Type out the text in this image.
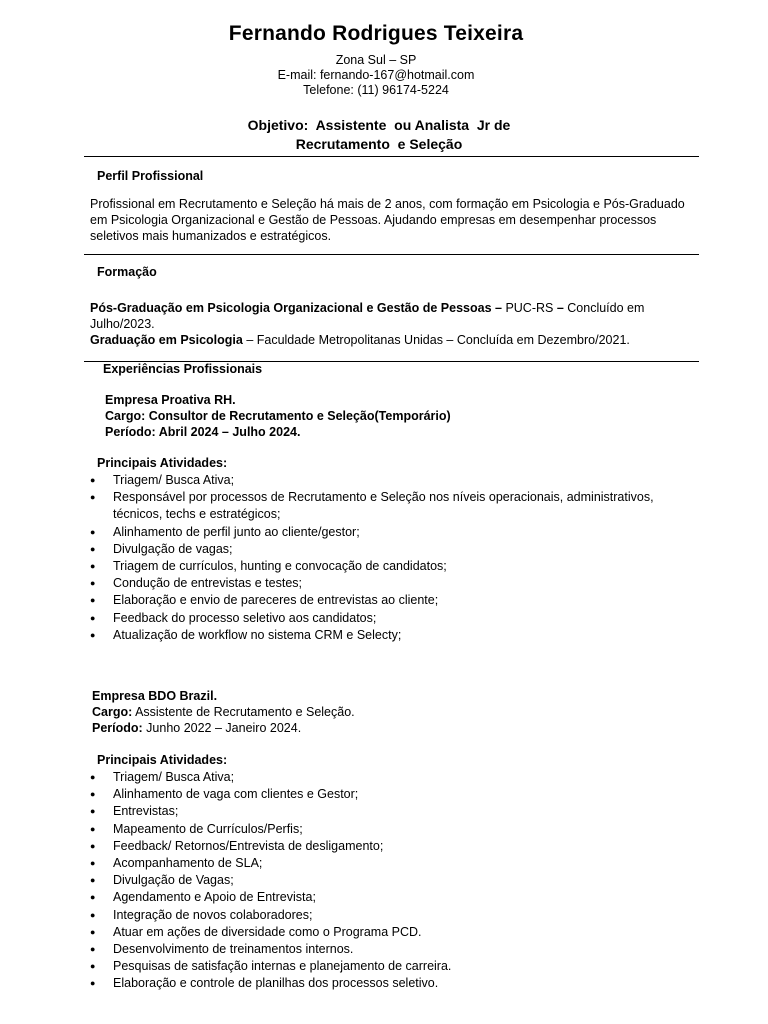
Fernando Rodrigues Teixeira
Zona Sul – SP
E-mail: fernando-167@hotmail.com
Telefone: (11) 96174-5224
Objetivo:  Assistente  ou Analista  Jr de
Recrutamento  e Seleção
Perfil Profissional
Profissional em Recrutamento e Seleção há mais de 2 anos, com formação em Psicologia e Pós-Graduado em Psicologia Organizacional e Gestão de Pessoas. Ajudando empresas em desempenhar processos seletivos mais humanizados e estratégicos.
Formação
Pós-Graduação em Psicologia Organizacional e Gestão de Pessoas – PUC-RS – Concluído em Julho/2023.
Graduação em Psicologia – Faculdade Metropolitanas Unidas – Concluída em Dezembro/2021.
Experiências Profissionais
Empresa Proativa RH.
Cargo: Consultor de Recrutamento e Seleção(Temporário)
Período: Abril 2024 – Julho 2024.
Principais Atividades:
● Triagem/ Busca Ativa;
● Responsável por processos de Recrutamento e Seleção nos níveis operacionais, administrativos, técnicos, techs e estratégicos;
● Alinhamento de perfil junto ao cliente/gestor;
● Divulgação de vagas;
● Triagem de currículos, hunting e convocação de candidatos;
● Condução de entrevistas e testes;
● Elaboração e envio de pareceres de entrevistas ao cliente;
● Feedback do processo seletivo aos candidatos;
● Atualização de workflow no sistema CRM e Selecty;
Empresa BDO Brazil.
Cargo: Assistente de Recrutamento e Seleção.
Período: Junho 2022 – Janeiro 2024.
Principais Atividades:
● Triagem/ Busca Ativa;
● Alinhamento de vaga com clientes e Gestor;
● Entrevistas;
● Mapeamento de Currículos/Perfis;
● Feedback/ Retornos/Entrevista de desligamento;
● Acompanhamento de SLA;
● Divulgação de Vagas;
● Agendamento e Apoio de Entrevista;
● Integração de novos colaboradores;
● Atuar em ações de diversidade como o Programa PCD.
● Desenvolvimento de treinamentos internos.
● Pesquisas de satisfação internas e planejamento de carreira.
● Elaboração e controle de planilhas dos processos seletivo.
